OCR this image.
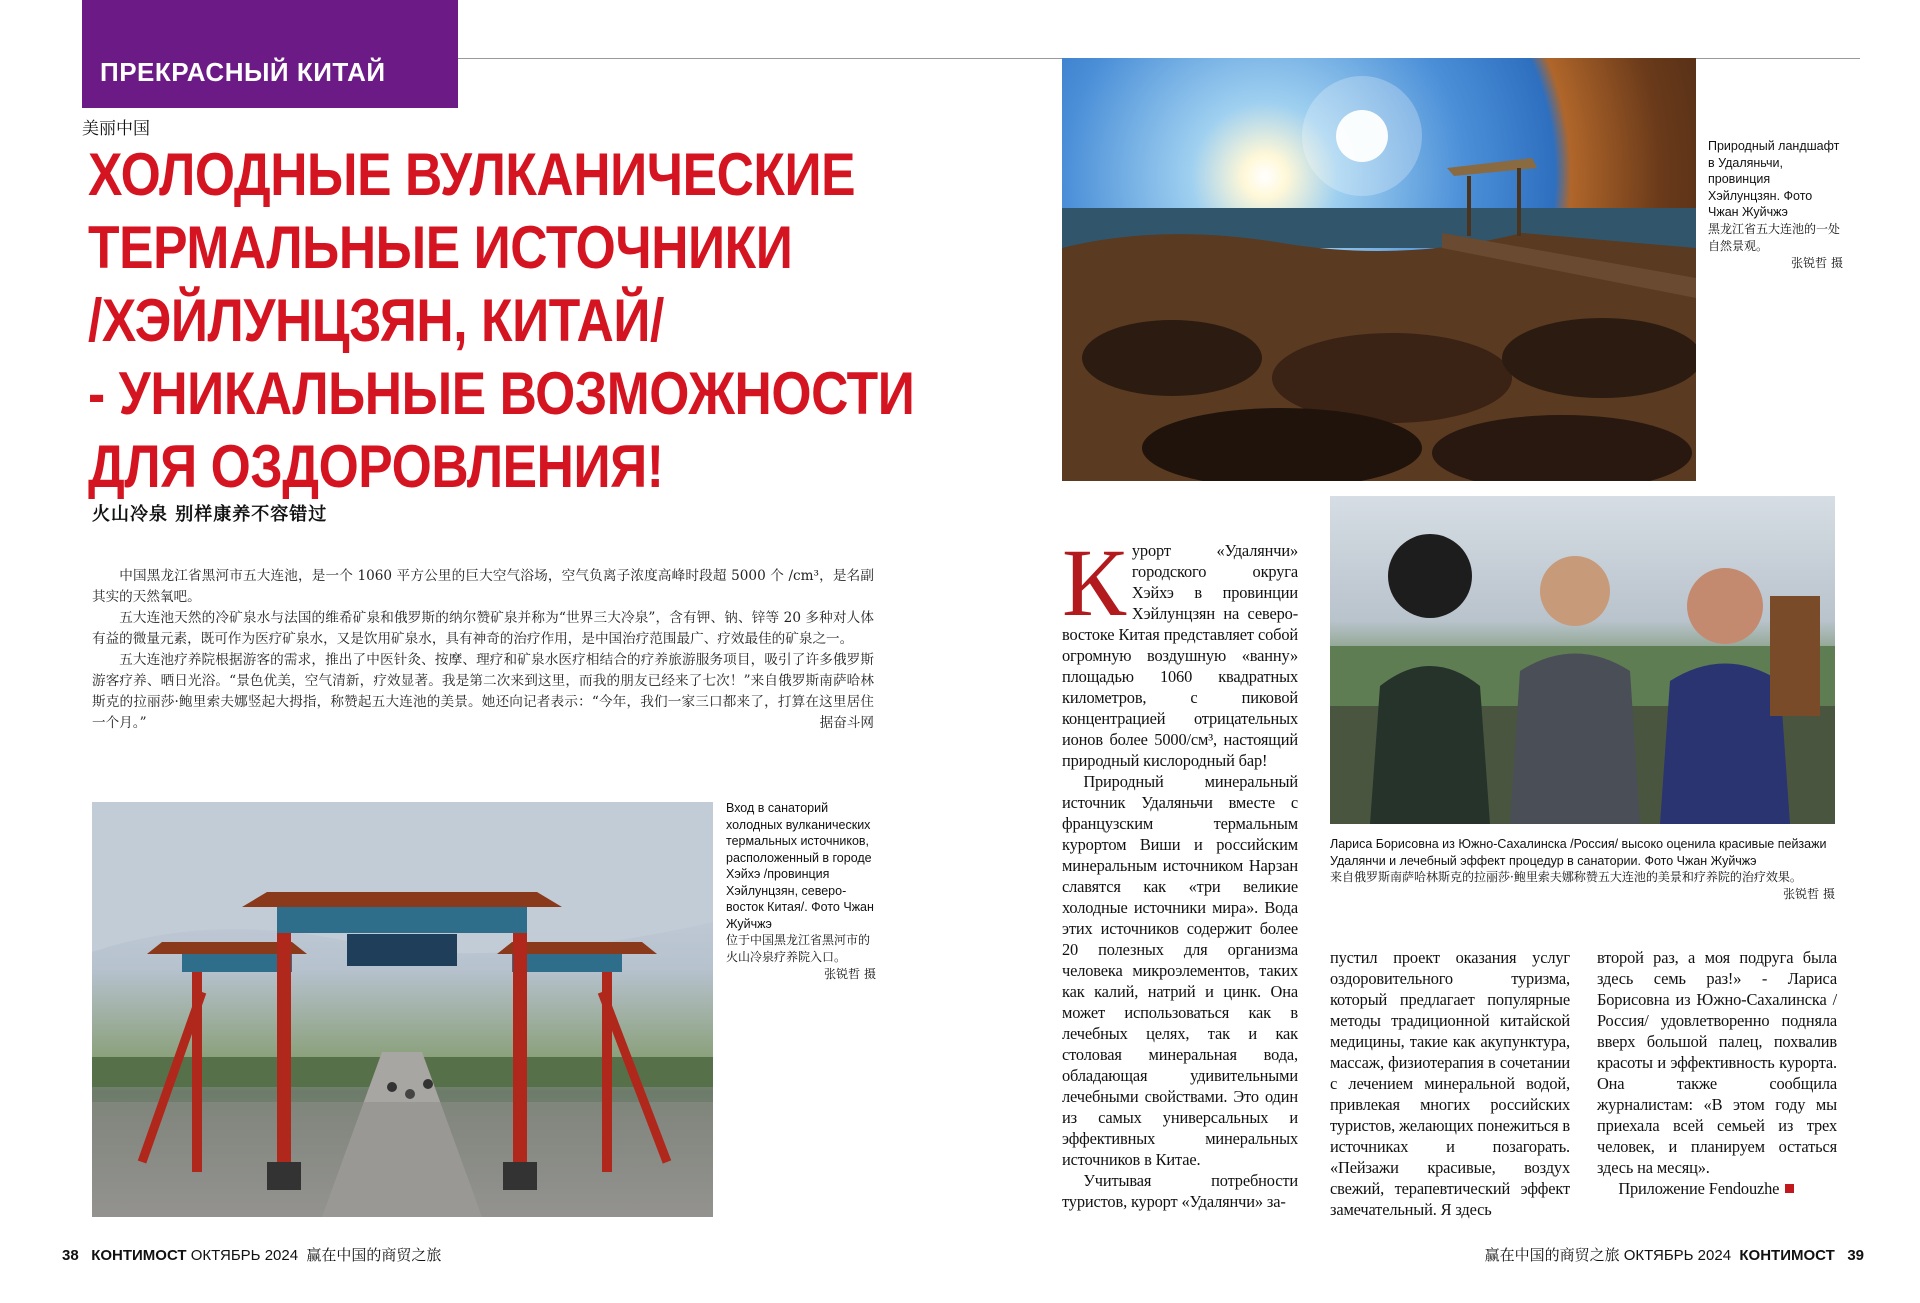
ПРЕКРАСНЫЙ КИТАЙ
美丽中国
ХОЛОДНЫЕ ВУЛКАНИЧЕСКИЕ
ТЕРМАЛЬНЫЕ ИСТОЧНИКИ
/ХЭЙЛУНЦЗЯН, КИТАЙ/
- УНИКАЛЬНЫЕ ВОЗМОЖНОСТИ
ДЛЯ ОЗДОРОВЛЕНИЯ!
火山冷泉 别样康养不容错过

中国黑龙江省黑河市五大连池，是一个 1060 平方公里的巨大空气浴场，空气负离子浓度高峰时段超 5000 个 /cm³，是名副其实的天然氧吧。

五大连池天然的冷矿泉水与法国的维希矿泉和俄罗斯的纳尔赞矿泉并称为“世界三大冷泉”，含有钾、钠、锌等 20 多种对人体有益的微量元素，既可作为医疗矿泉水，又是饮用矿泉水，具有神奇的治疗作用，是中国治疗范围最广、疗效最佳的矿泉之一。

五大连池疗养院根据游客的需求，推出了中医针灸、按摩、理疗和矿泉水医疗相结合的疗养旅游服务项目，吸引了许多俄罗斯游客疗养、晒日光浴。“景色优美，空气清新，疗效显著。我是第二次来到这里，而我的朋友已经来了七次！”来自俄罗斯南萨哈林斯克的拉丽莎·鲍里索夫娜竖起大拇指，称赞起五大连池的美景。她还向记者表示：“今年，我们一家三口都来了，打算在这里居住一个月。”	据奋斗网

Вход в санаторий холодных вулканических термальных источников, расположенный в городе Хэйхэ /провинция Хэйлунцзян, северо-восток Китая/. Фото Чжан Жуйчжэ
位于中国黑龙江省黑河市的火山冷泉疗养院入口。
张锐哲 摄
Природный ландшафт в Удаляньчи, провинция Хэйлунцзян. Фото Чжан Жуйчжэ
黑龙江省五大连池的一处自然景观。
张锐哲 摄
Лариса Борисовна из Южно-Сахалинска /Россия/ высоко оценила красивые пейзажи Удалянчи и лечебный эффект процедур в санатории. Фото Чжан Жуйчжэ
来自俄罗斯南萨哈林斯克的拉丽莎·鲍里索夫娜称赞五大连池的美景和疗养院的治疗效果。
张锐哲 摄

Курорт «Удалянчи» городского округа Хэйхэ в провинции Хэйлунцзян на северо-востоке Китая представляет собой огромную воздушную «ванну» площадью 1060 квадратных километров, с пиковой концентрацией отрицательных ионов более 5000/см³, настоящий природный кислородный бар!

Природный минеральный источник Удаляньчи вместе с французским термальным курортом Виши и российским минеральным источником Нарзан славятся как «три великие холодные источники мира». Вода этих источников содержит более 20 полезных для организма человека микроэлементов, таких как калий, натрий и цинк. Она может использоваться как в лечебных целях, так и как столовая минеральная вода, обладающая удивительными лечебными свойствами. Это один из самых универсальных и эффективных минеральных источников в Китае.

Учитывая потребности туристов, курорт «Удалянчи» за-

пустил проект оказания услуг оздоровительного туризма, который предлагает популярные методы традиционной китайской медицины, такие как акупунктура, массаж, физиотерапия в сочетании с лечением минеральной водой, привлекая многих российских туристов, желающих понежиться в источниках и позагорать. «Пейзажи красивые, воздух свежий, терапевтический эффект замечательный. Я здесь

второй раз, а моя подруга была здесь семь раз!» - Лариса Борисовна из Южно-Сахалинска / Россия/ удовлетворенно подняла вверх большой палец, похвалив красоты и эффективность курорта. Она также сообщила журналистам: «В этом году мы приехала всей семьей из трех человек, и планируем остаться здесь на месяц».

Приложение Fendouzhe

38 КОНТИМОСТ ОКТЯБРЬ 2024 赢在中国的商贸之旅	赢在中国的商贸之旅 ОКТЯБРЬ 2024 КОНТИМОСТ 39
